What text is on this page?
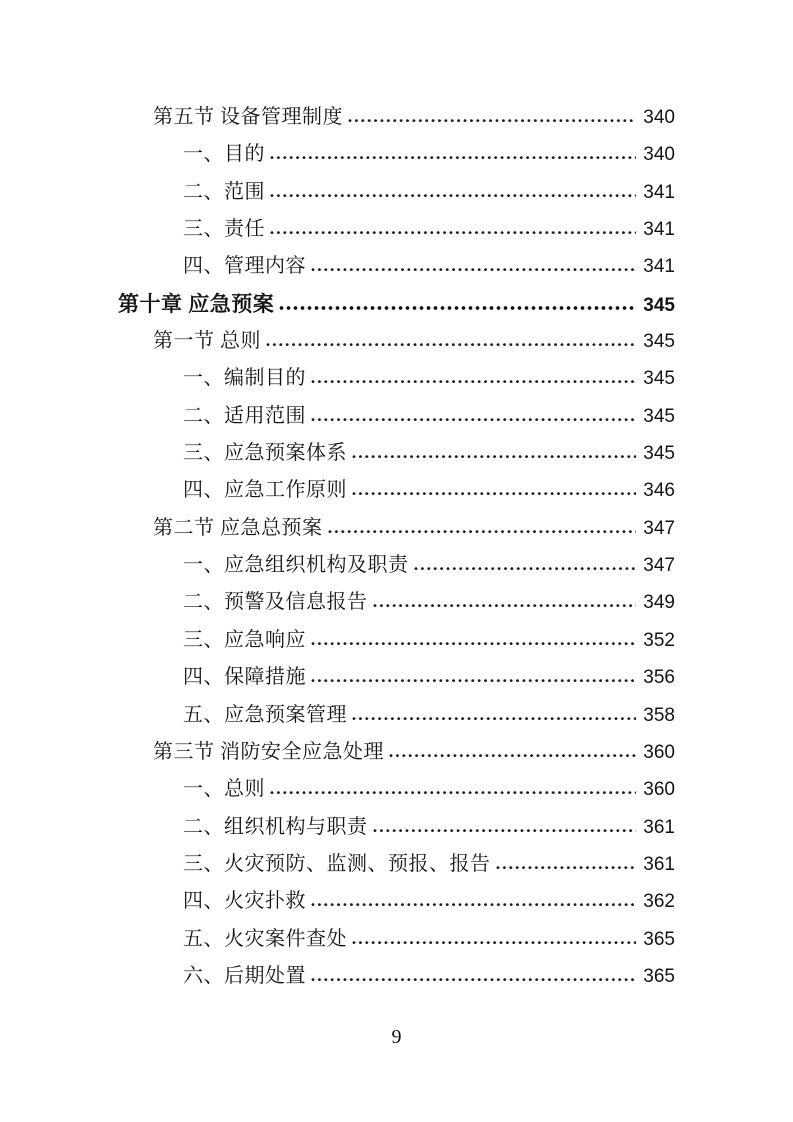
第五节 设备管理制度	340
一、目的	340
二、范围	341
三、责任	341
四、管理内容	341
第十章 应急预案	345
第一节 总则	345
一、编制目的	345
二、适用范围	345
三、应急预案体系	345
四、应急工作原则	346
第二节 应急总预案	347
一、应急组织机构及职责	347
二、预警及信息报告	349
三、应急响应	352
四、保障措施	356
五、应急预案管理	358
第三节 消防安全应急处理	360
一、总则	360
二、组织机构与职责	361
三、火灾预防、监测、预报、报告	361
四、火灾扑救	362
五、火灾案件查处	365
六、后期处置	365
9
